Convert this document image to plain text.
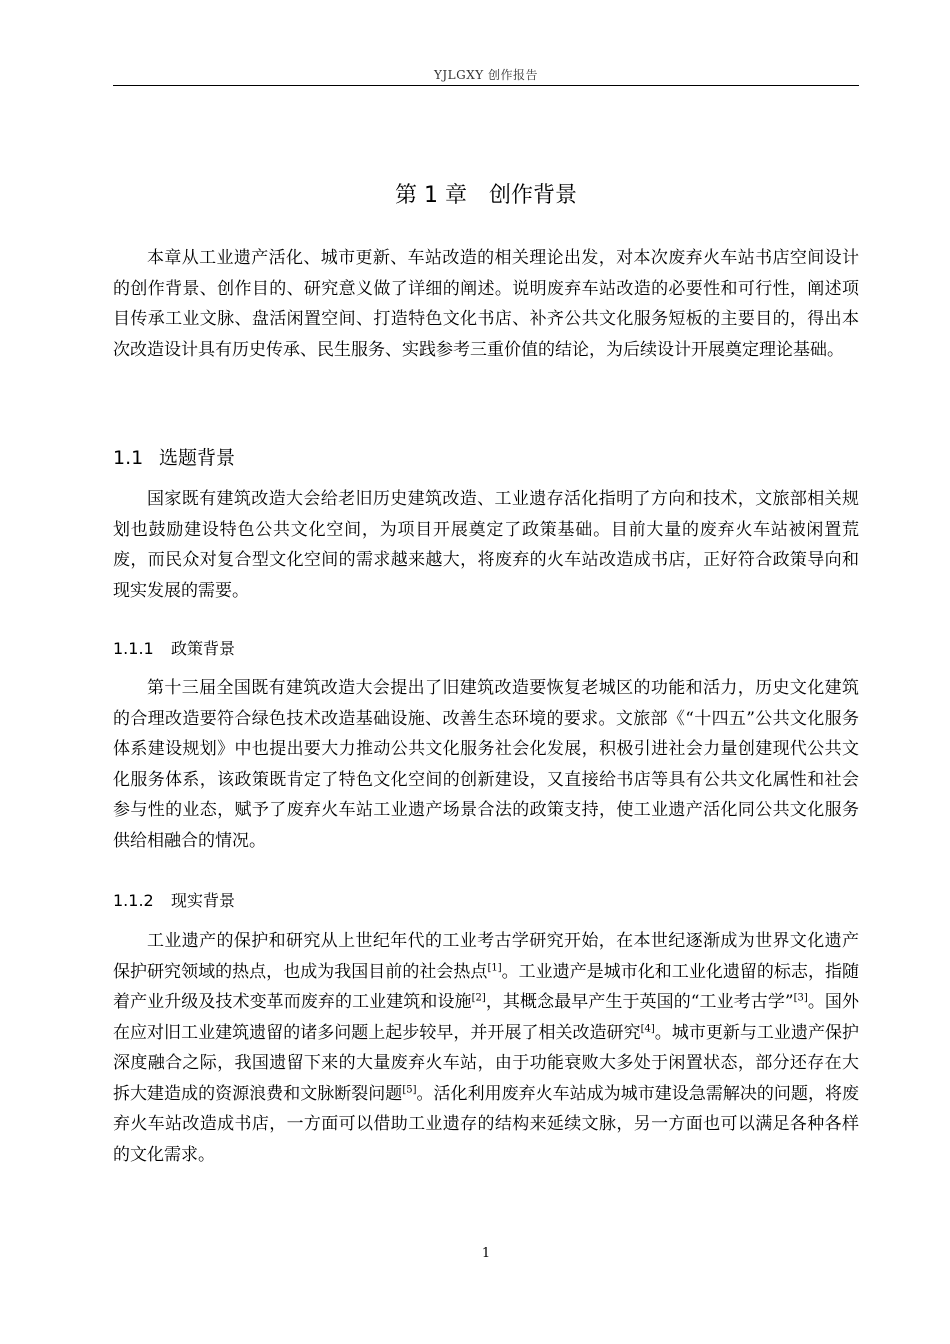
YJLGXY 创作报告
第 1 章 创作背景

本章从工业遗产活化、城市更新、车站改造的相关理论出发，对本次废弃火车站书店空间设计的创作背景、创作目的、研究意义做了详细的阐述。说明废弃车站改造的必要性和可行性，阐述项目传承工业文脉、盘活闲置空间、打造特色文化书店、补齐公共文化服务短板的主要目的，得出本次改造设计具有历史传承、民生服务、实践参考三重价值的结论，为后续设计开展奠定理论基础。

1.1 选题背景

国家既有建筑改造大会给老旧历史建筑改造、工业遗存活化指明了方向和技术，文旅部相关规划也鼓励建设特色公共文化空间，为项目开展奠定了政策基础。目前大量的废弃火车站被闲置荒废，而民众对复合型文化空间的需求越来越大，将废弃的火车站改造成书店，正好符合政策导向和现实发展的需要。

1.1.1 政策背景

第十三届全国既有建筑改造大会提出了旧建筑改造要恢复老城区的功能和活力，历史文化建筑的合理改造要符合绿色技术改造基础设施、改善生态环境的要求。文旅部《“十四五”公共文化服务体系建设规划》中也提出要大力推动公共文化服务社会化发展，积极引进社会力量创建现代公共文化服务体系，该政策既肯定了特色文化空间的创新建设，又直接给书店等具有公共文化属性和社会参与性的业态，赋予了废弃火车站工业遗产场景合法的政策支持，使工业遗产活化同公共文化服务供给相融合的情况。

1.1.2 现实背景

工业遗产的保护和研究从上世纪年代的工业考古学研究开始，在本世纪逐渐成为世界文化遗产保护研究领域的热点，也成为我国目前的社会热点[1]。工业遗产是城市化和工业化遗留的标志，指随着产业升级及技术变革而废弃的工业建筑和设施[2]，其概念最早产生于英国的“工业考古学”[3]。国外在应对旧工业建筑遗留的诸多问题上起步较早，并开展了相关改造研究[4]。城市更新与工业遗产保护深度融合之际，我国遗留下来的大量废弃火车站，由于功能衰败大多处于闲置状态，部分还存在大拆大建造成的资源浪费和文脉断裂问题[5]。活化利用废弃火车站成为城市建设急需解决的问题，将废弃火车站改造成书店，一方面可以借助工业遗存的结构来延续文脉，另一方面也可以满足各种各样的文化需求。

1
